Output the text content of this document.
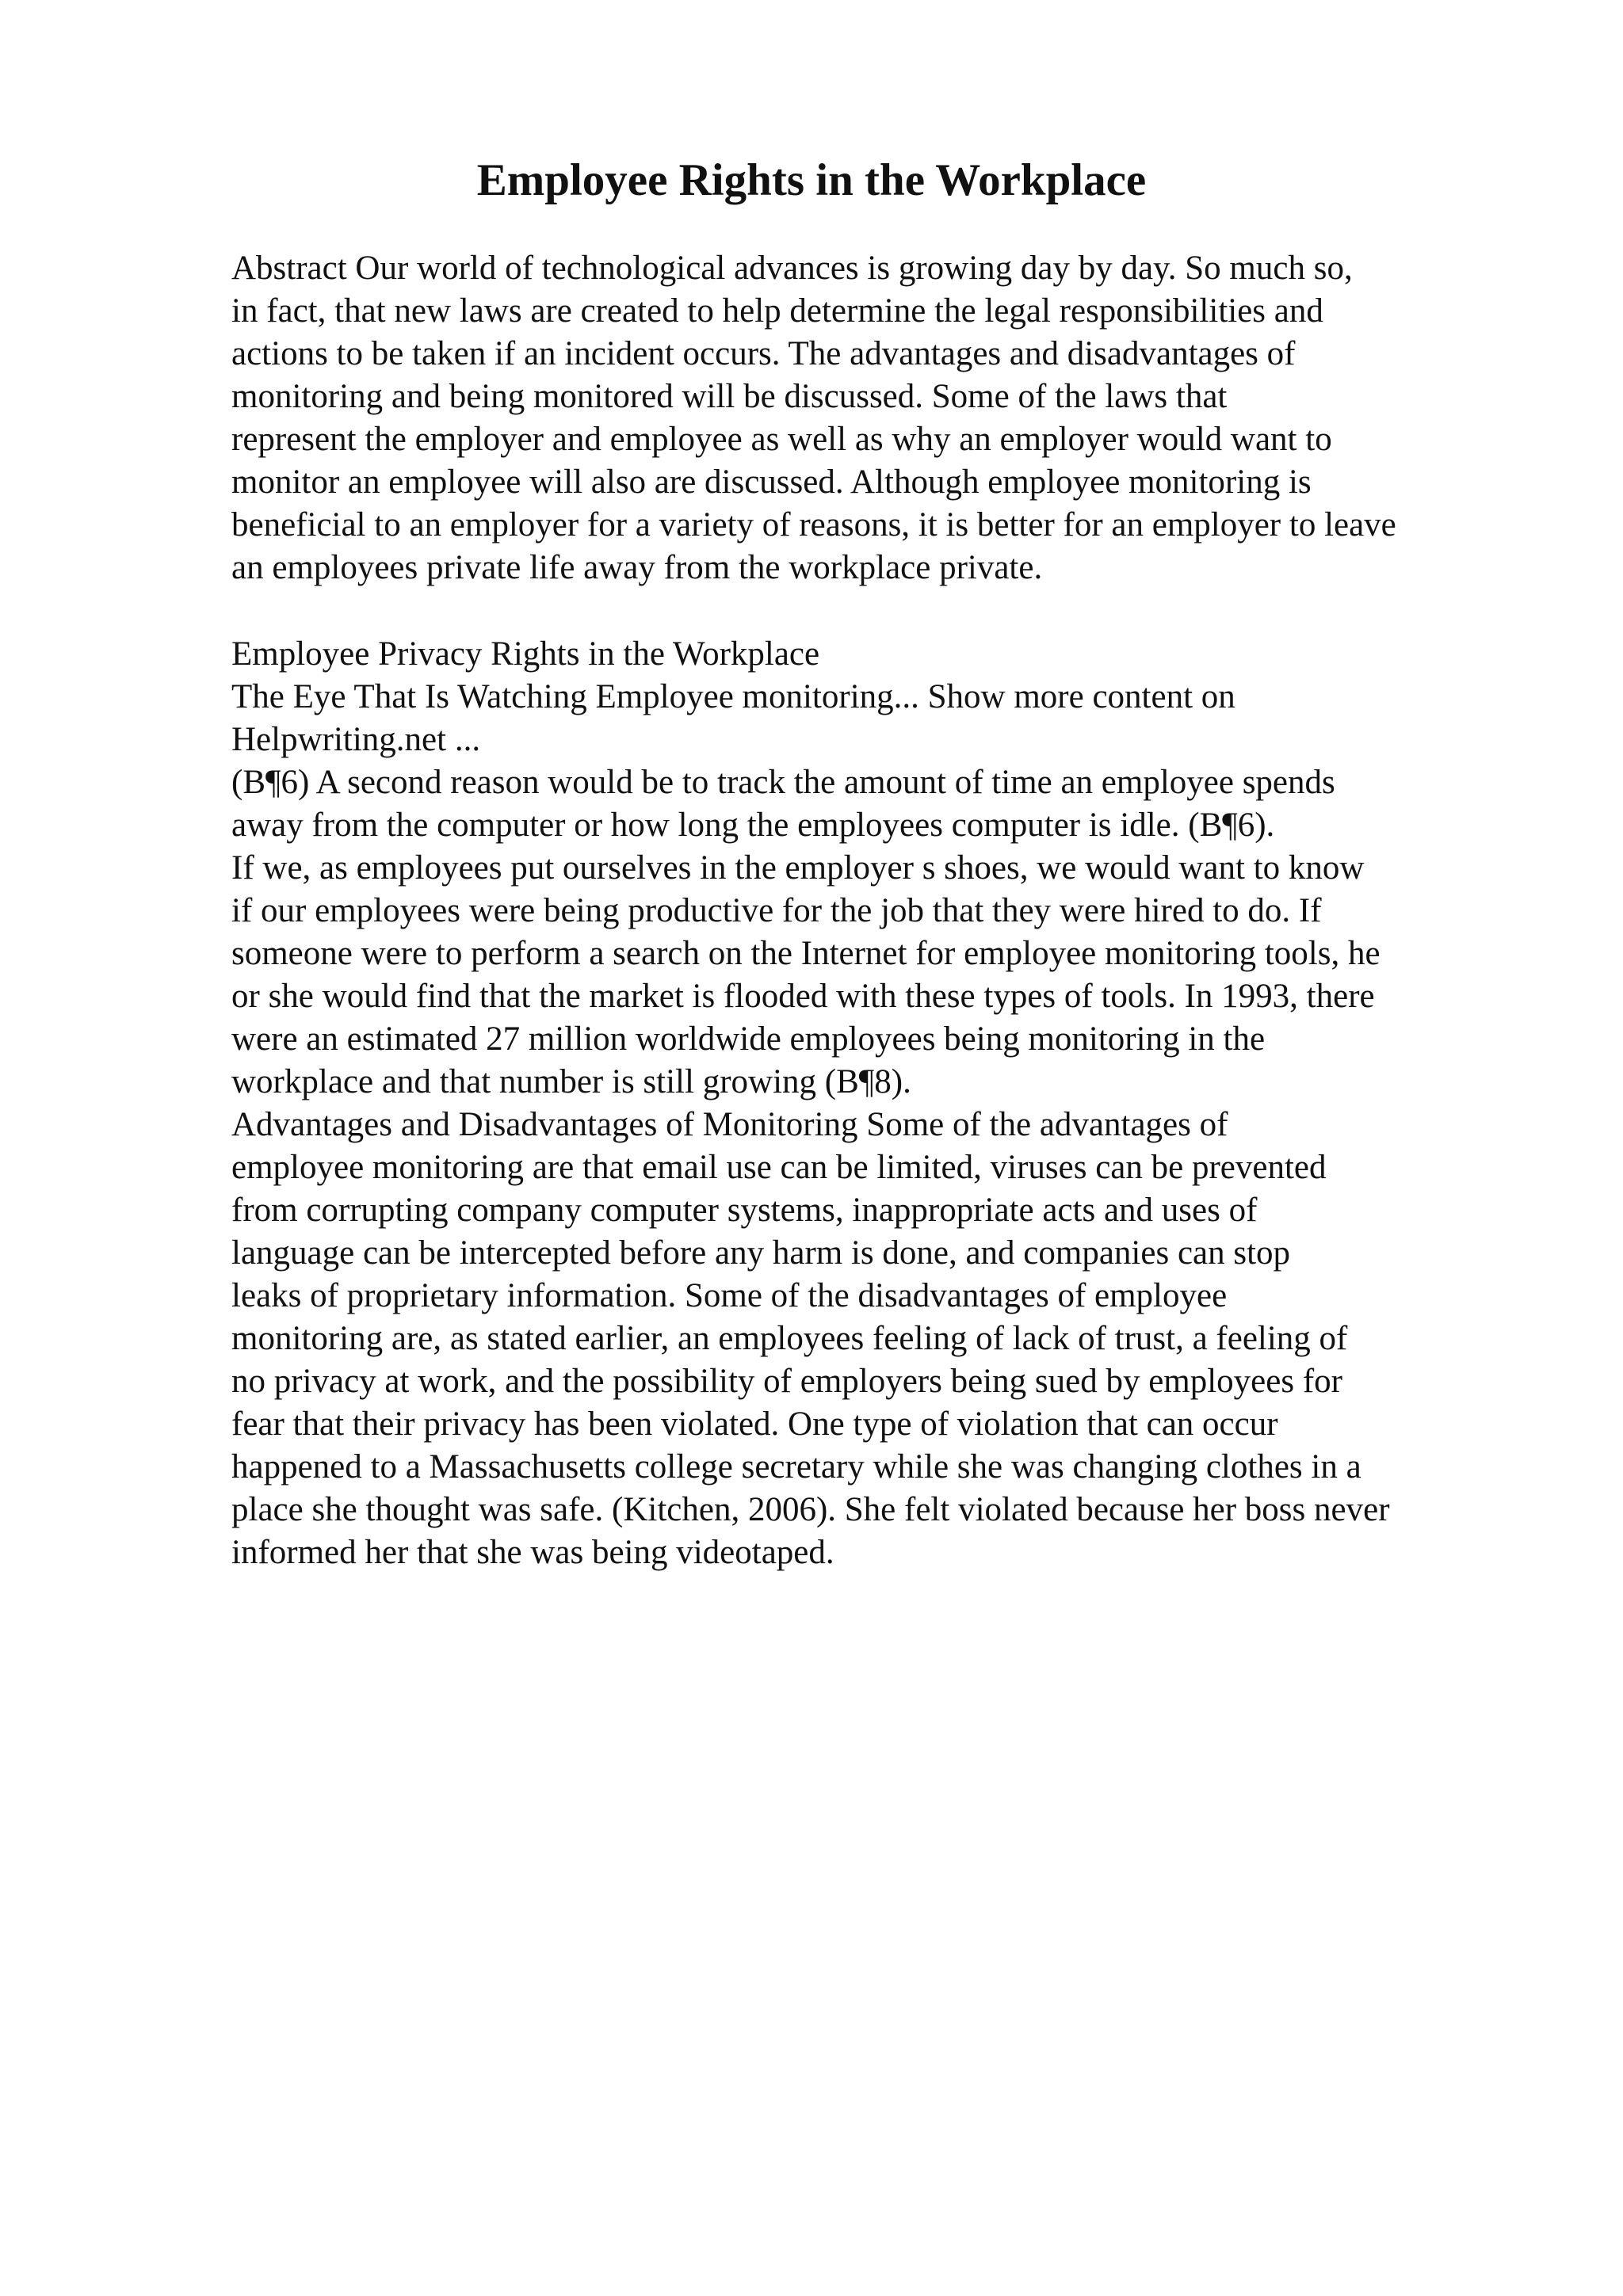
Employee Rights in the Workplace
Abstract Our world of technological advances is growing day by day. So much so,
in fact, that new laws are created to help determine the legal responsibilities and
actions to be taken if an incident occurs. The advantages and disadvantages of
monitoring and being monitored will be discussed. Some of the laws that
represent the employer and employee as well as why an employer would want to
monitor an employee will also are discussed. Although employee monitoring is
beneficial to an employer for a variety of reasons, it is better for an employer to leave
an employees private life away from the workplace private.
Employee Privacy Rights in the Workplace
The Eye That Is Watching Employee monitoring... Show more content on
Helpwriting.net ...
(B¶6) A second reason would be to track the amount of time an employee spends
away from the computer or how long the employees computer is idle. (B¶6).
If we, as employees put ourselves in the employer s shoes, we would want to know
if our employees were being productive for the job that they were hired to do. If
someone were to perform a search on the Internet for employee monitoring tools, he
or she would find that the market is flooded with these types of tools. In 1993, there
were an estimated 27 million worldwide employees being monitoring in the
workplace and that number is still growing (B¶8).
Advantages and Disadvantages of Monitoring Some of the advantages of
employee monitoring are that email use can be limited, viruses can be prevented
from corrupting company computer systems, inappropriate acts and uses of
language can be intercepted before any harm is done, and companies can stop
leaks of proprietary information. Some of the disadvantages of employee
monitoring are, as stated earlier, an employees feeling of lack of trust, a feeling of
no privacy at work, and the possibility of employers being sued by employees for
fear that their privacy has been violated. One type of violation that can occur
happened to a Massachusetts college secretary while she was changing clothes in a
place she thought was safe. (Kitchen, 2006). She felt violated because her boss never
informed her that she was being videotaped.
